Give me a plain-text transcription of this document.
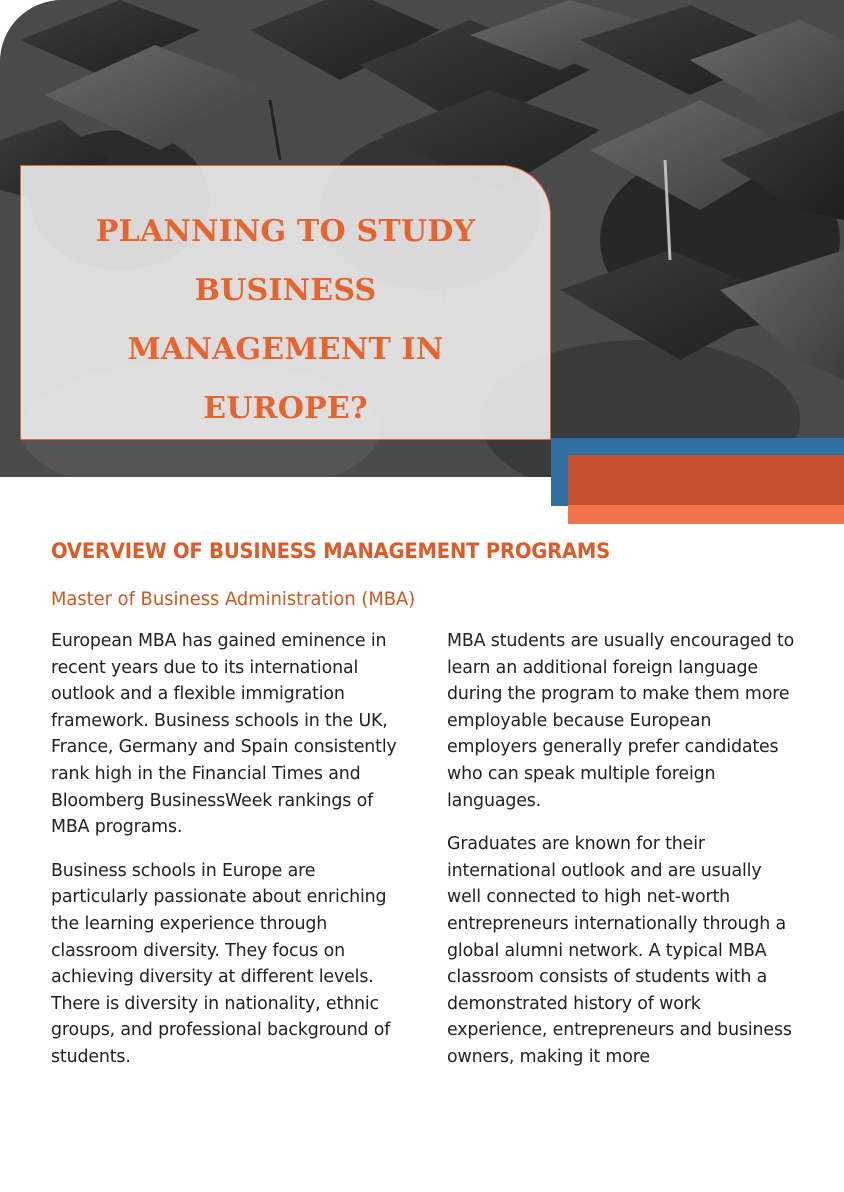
PLANNING TO STUDY
BUSINESS
MANAGEMENT IN
EUROPE?
OVERVIEW OF BUSINESS MANAGEMENT PROGRAMS
Master of Business Administration (MBA)

European MBA has gained eminence in recent years due to its international outlook and a flexible immigration framework. Business schools in the UK, France, Germany and Spain consistently rank high in the Financial Times and Bloomberg BusinessWeek rankings of MBA programs.

Business schools in Europe are particularly passionate about enriching the learning experience through classroom diversity. They focus on achieving diversity at different levels. There is diversity in nationality, ethnic groups, and professional background of students.

MBA students are usually encouraged to learn an additional foreign language during the program to make them more employable because European employers generally prefer candidates who can speak multiple foreign languages.

Graduates are known for their international outlook and are usually well connected to high net-worth entrepreneurs internationally through a global alumni network. A typical MBA classroom consists of students with a demonstrated history of work experience, entrepreneurs and business owners, making it more
